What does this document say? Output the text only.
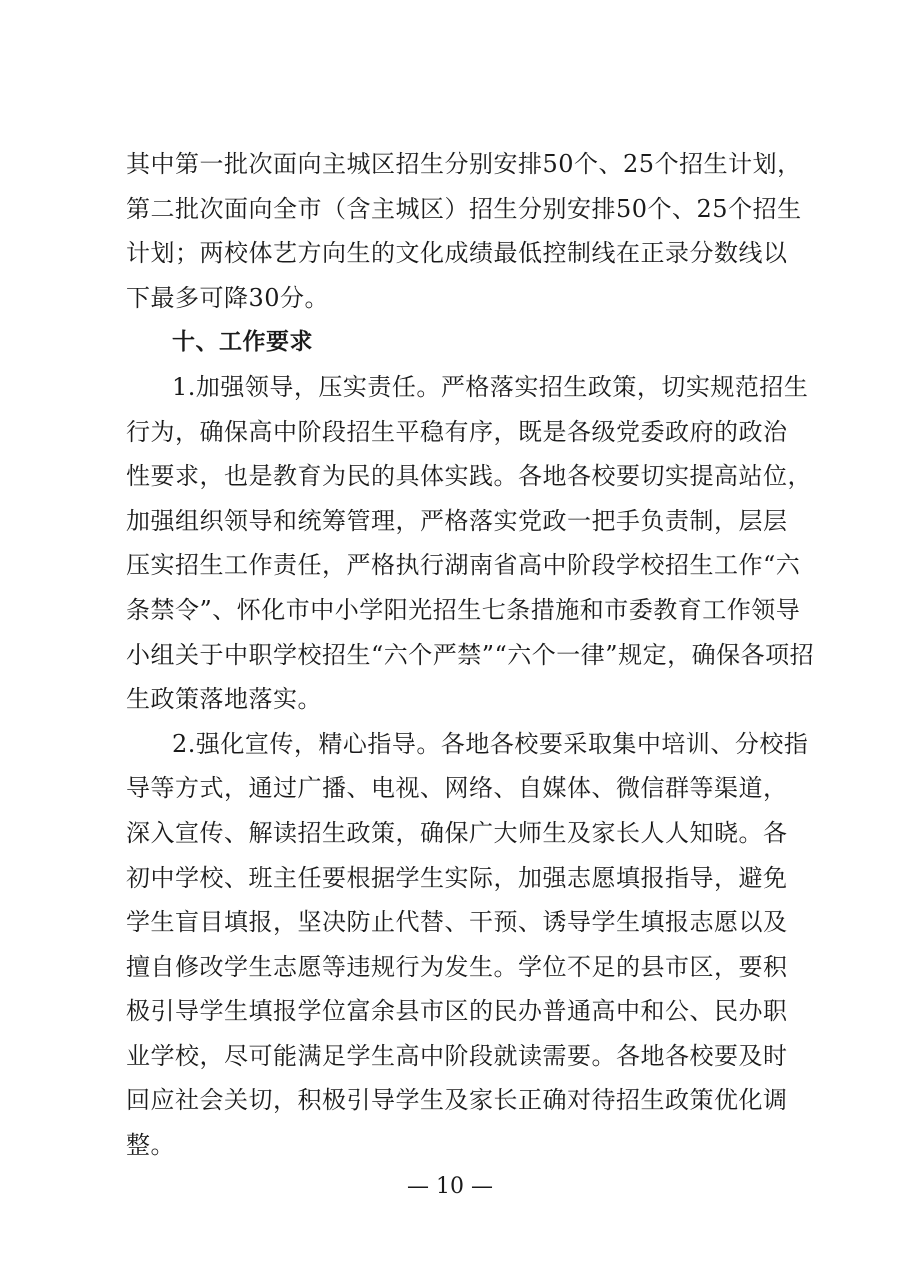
其中第一批次面向主城区招生分别安排50个、25个招生计划，
第二批次面向全市（含主城区）招生分别安排50个、25个招生
计划；两校体艺方向生的文化成绩最低控制线在正录分数线以
下最多可降30分。
十、工作要求
1.加强领导，压实责任。严格落实招生政策，切实规范招生
行为，确保高中阶段招生平稳有序，既是各级党委政府的政治
性要求，也是教育为民的具体实践。各地各校要切实提高站位，
加强组织领导和统筹管理，严格落实党政一把手负责制，层层
压实招生工作责任，严格执行湖南省高中阶段学校招生工作“六
条禁令”、怀化市中小学阳光招生七条措施和市委教育工作领导
小组关于中职学校招生“六个严禁”“六个一律”规定，确保各项招
生政策落地落实。
2.强化宣传，精心指导。各地各校要采取集中培训、分校指
导等方式，通过广播、电视、网络、自媒体、微信群等渠道，
深入宣传、解读招生政策，确保广大师生及家长人人知晓。各
初中学校、班主任要根据学生实际，加强志愿填报指导，避免
学生盲目填报，坚决防止代替、干预、诱导学生填报志愿以及
擅自修改学生志愿等违规行为发生。学位不足的县市区，要积
极引导学生填报学位富余县市区的民办普通高中和公、民办职
业学校，尽可能满足学生高中阶段就读需要。各地各校要及时
回应社会关切，积极引导学生及家长正确对待招生政策优化调
整。
— 10 —
